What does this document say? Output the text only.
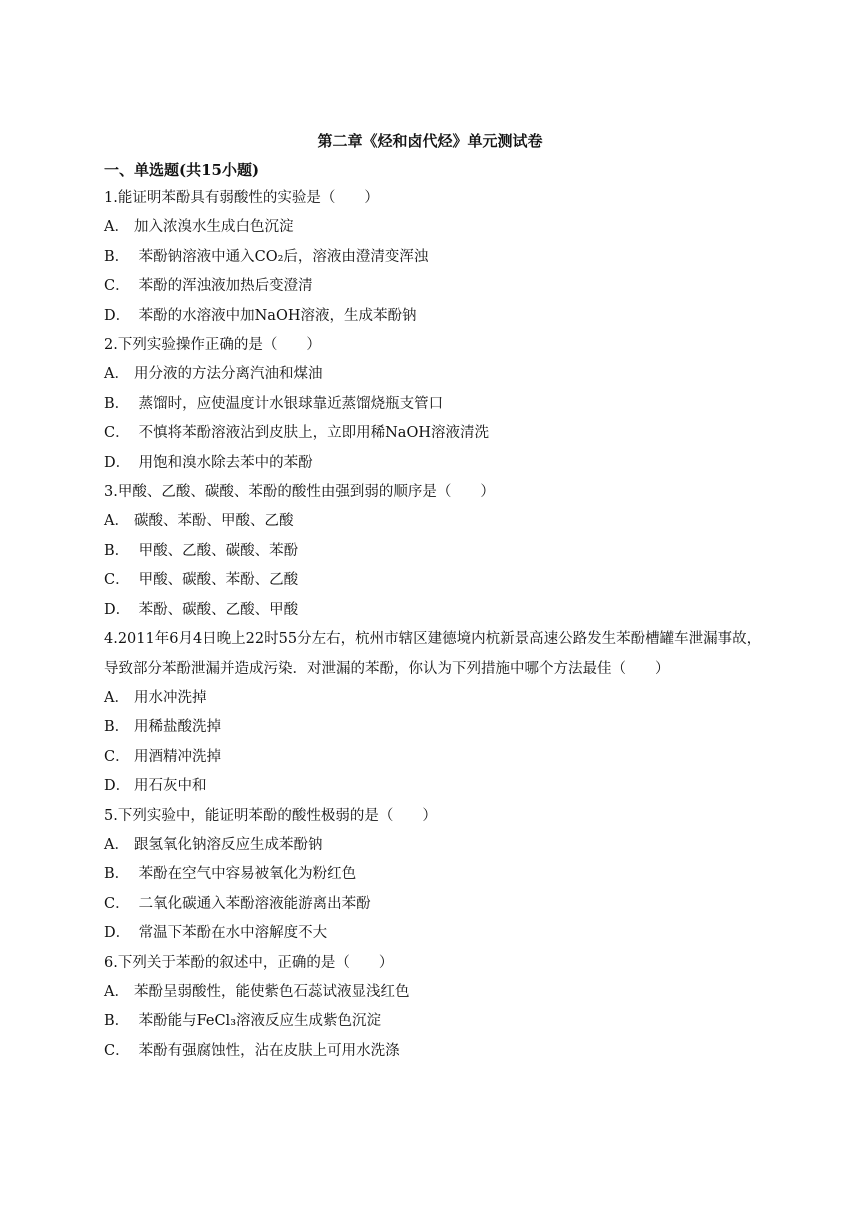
第二章《烃和卤代烃》单元测试卷
一、单选题(共15小题)
1.能证明苯酚具有弱酸性的实验是（　　）
A． 加入浓溴水生成白色沉淀
B． 苯酚钠溶液中通入CO₂后，溶液由澄清变浑浊
C． 苯酚的浑浊液加热后变澄清
D． 苯酚的水溶液中加NaOH溶液，生成苯酚钠
2.下列实验操作正确的是（　　）
A． 用分液的方法分离汽油和煤油
B． 蒸馏时，应使温度计水银球靠近蒸馏烧瓶支管口
C． 不慎将苯酚溶液沾到皮肤上，立即用稀NaOH溶液清洗
D． 用饱和溴水除去苯中的苯酚
3.甲酸、乙酸、碳酸、苯酚的酸性由强到弱的顺序是（　　）
A． 碳酸、苯酚、甲酸、乙酸
B． 甲酸、乙酸、碳酸、苯酚
C． 甲酸、碳酸、苯酚、乙酸
D． 苯酚、碳酸、乙酸、甲酸
4.2011年6月4日晚上22时55分左右，杭州市辖区建德境内杭新景高速公路发生苯酚槽罐车泄漏事故，导致部分苯酚泄漏并造成污染．对泄漏的苯酚，你认为下列措施中哪个方法最佳（　　）
A． 用水冲洗掉
B． 用稀盐酸洗掉
C． 用酒精冲洗掉
D． 用石灰中和
5.下列实验中，能证明苯酚的酸性极弱的是（　　）
A． 跟氢氧化钠溶反应生成苯酚钠
B． 苯酚在空气中容易被氧化为粉红色
C． 二氧化碳通入苯酚溶液能游离出苯酚
D． 常温下苯酚在水中溶解度不大
6.下列关于苯酚的叙述中，正确的是（　　）
A． 苯酚呈弱酸性，能使紫色石蕊试液显浅红色
B． 苯酚能与FeCl₃溶液反应生成紫色沉淀
C． 苯酚有强腐蚀性，沾在皮肤上可用水洗涤
